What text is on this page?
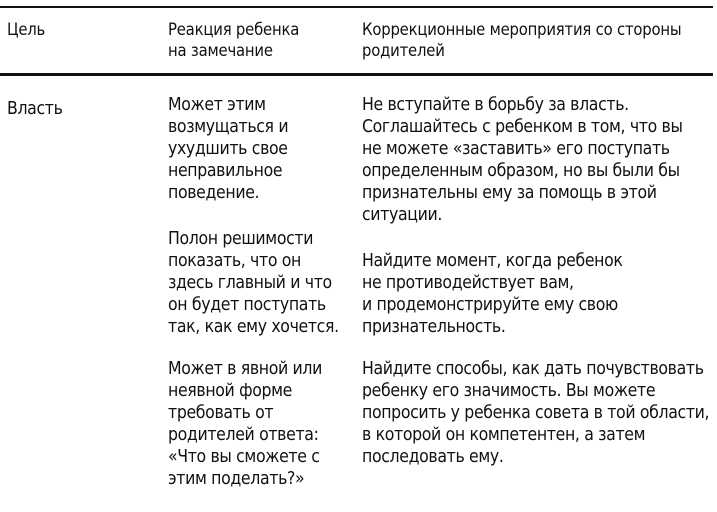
Цель	Реакция ребенка
на замечание

Коррекционные мероприятия со стороны
родителей

Власть	Может этим
возмущаться и
ухудшить свое
неправильное
поведение.

Не вступайте в борьбу за власть.
Соглашайтесь с ребенком в том, что вы
не можете «заставить» его поступать
определенным образом, но вы были бы
признательны ему за помощь в этой
ситуации.

Полон решимости
показать, что он
здесь главный и что
он будет поступать
так, как ему хочется.

Найдите момент, когда ребенок
не противодействует вам,
и продемонстрируйте ему свою
признательность.

Может в явной или
неявной форме
требовать от
родителей ответа:
«Что вы сможете с
этим поделать?»

Найдите способы, как дать почувствовать
ребенку его значимость. Вы можете
попросить у ребенка совета в той области,
в которой он компетентен, а затем
последовать ему.
